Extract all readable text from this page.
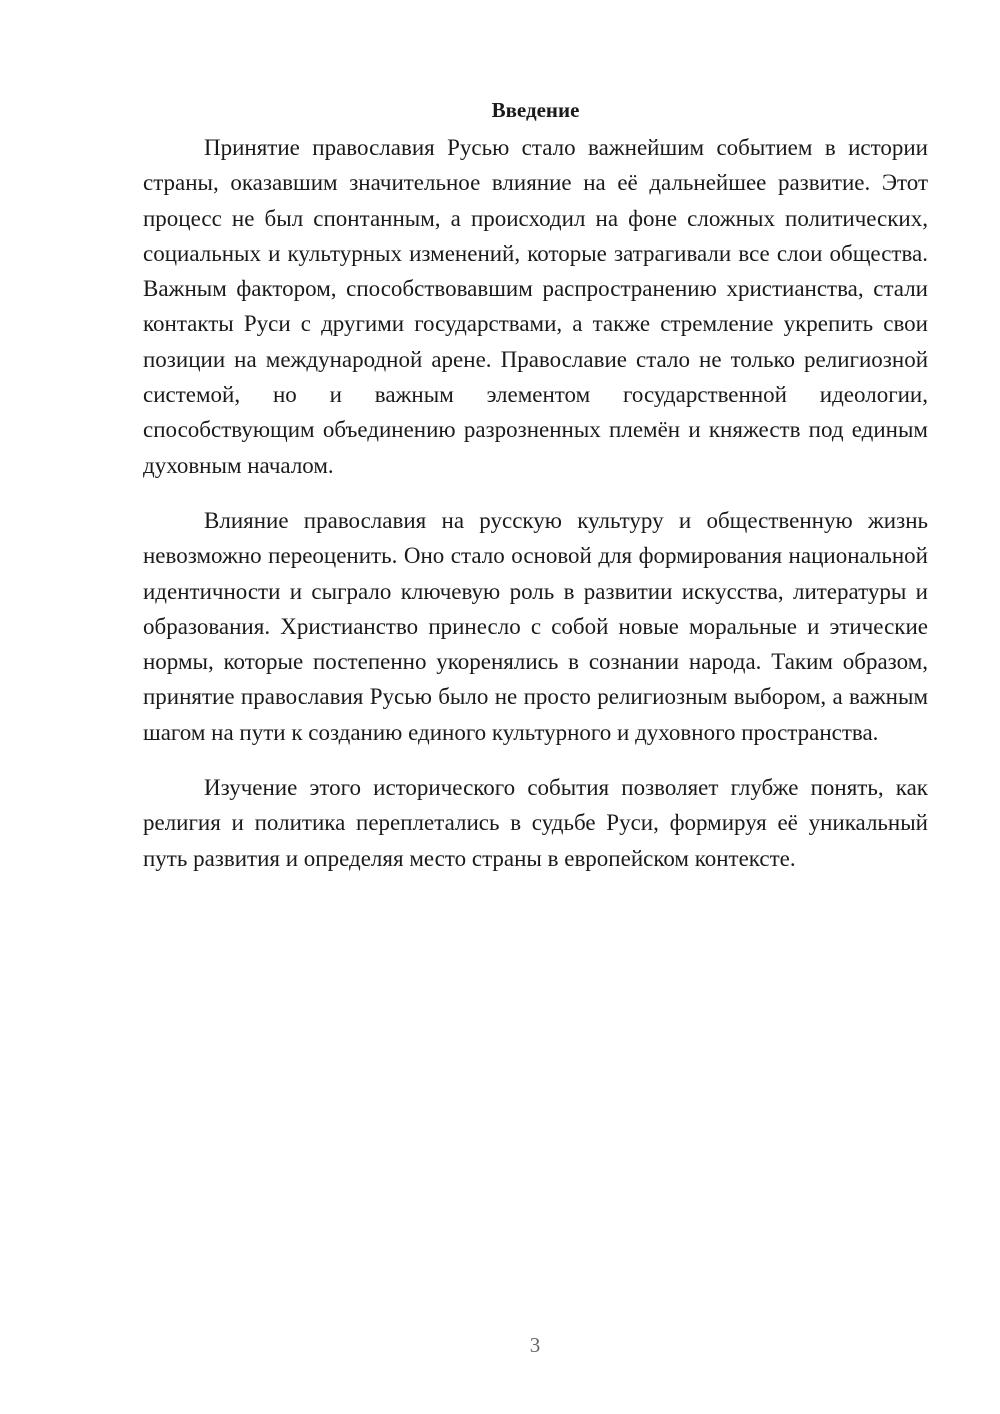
Введение

Принятие православия Русью стало важнейшим событием в истории страны, оказавшим значительное влияние на её дальнейшее развитие. Этот процесс не был спонтанным, а происходил на фоне сложных политических, социальных и культурных изменений, которые затрагивали все слои общества. Важным фактором, способствовавшим распространению христианства, стали контакты Руси с другими государствами, а также стремление укрепить свои позиции на международной арене. Православие стало не только религиозной системой, но и важным элементом государственной идеологии, способствующим объединению разрозненных племён и княжеств под единым духовным началом.

Влияние православия на русскую культуру и общественную жизнь невозможно переоценить. Оно стало основой для формирования национальной идентичности и сыграло ключевую роль в развитии искусства, литературы и образования. Христианство принесло с собой новые моральные и этические нормы, которые постепенно укоренялись в сознании народа. Таким образом, принятие православия Русью было не просто религиозным выбором, а важным шагом на пути к созданию единого культурного и духовного пространства.

Изучение этого исторического события позволяет глубже понять, как религия и политика переплетались в судьбе Руси, формируя её уникальный путь развития и определяя место страны в европейском контексте.

3
